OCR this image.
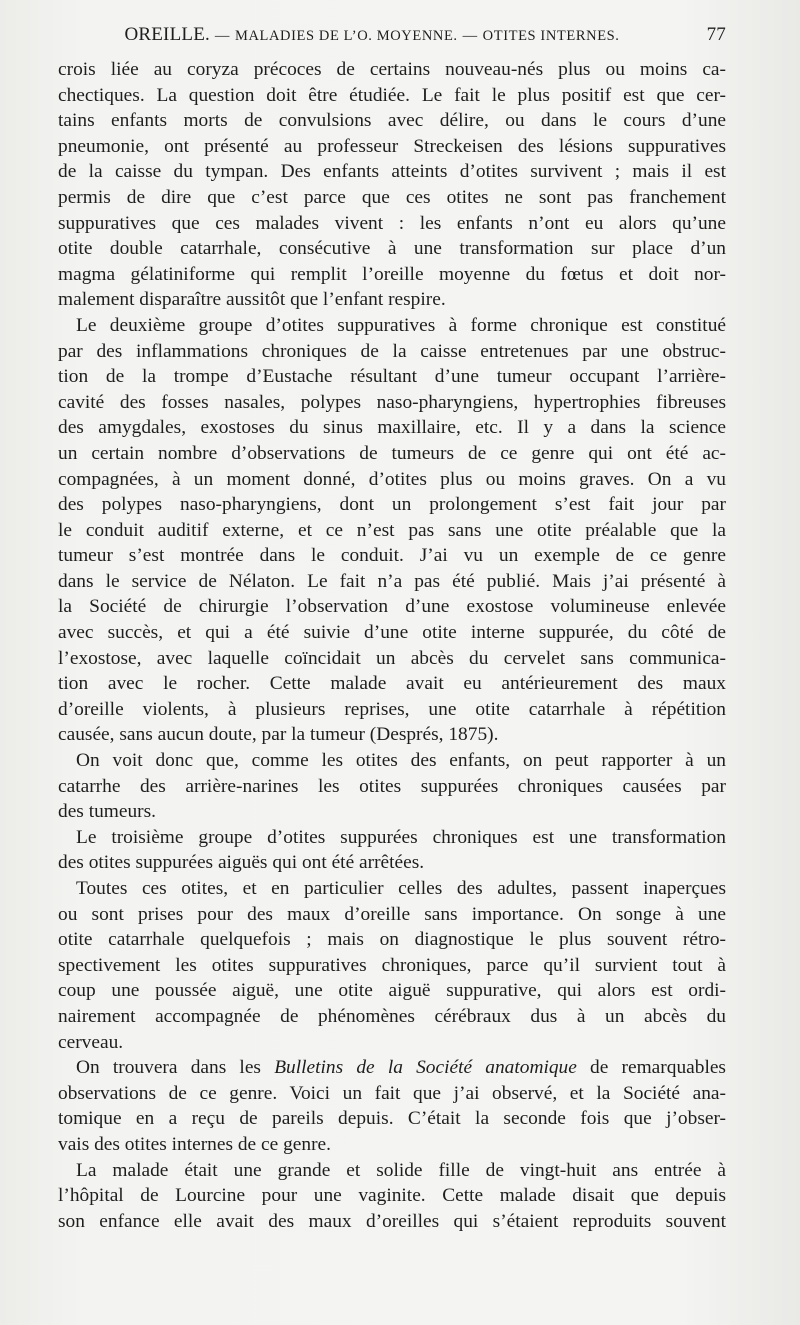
OREILLE. — MALADIES DE L’O. MOYENNE. — OTITES INTERNES.	77
crois liée au coryza précoces de certains nouveau-nés plus ou moins ca-
chectiques. La question doit être étudiée. Le fait le plus positif est que cer-
tains enfants morts de convulsions avec délire, ou dans le cours d’une
pneumonie, ont présenté au professeur Streckeisen des lésions suppuratives
de la caisse du tympan. Des enfants atteints d’otites survivent ; mais il est
permis de dire que c’est parce que ces otites ne sont pas franchement
suppuratives que ces malades vivent : les enfants n’ont eu alors qu’une
otite double catarrhale, consécutive à une transformation sur place d’un
magma gélatiniforme qui remplit l’oreille moyenne du fœtus et doit nor-
malement disparaître aussitôt que l’enfant respire.
Le deuxième groupe d’otites suppuratives à forme chronique est constitué
par des inflammations chroniques de la caisse entretenues par une obstruc-
tion de la trompe d’Eustache résultant d’une tumeur occupant l’arrière-
cavité des fosses nasales, polypes naso-pharyngiens, hypertrophies fibreuses
des amygdales, exostoses du sinus maxillaire, etc. Il y a dans la science
un certain nombre d’observations de tumeurs de ce genre qui ont été ac-
compagnées, à un moment donné, d’otites plus ou moins graves. On a vu
des polypes naso-pharyngiens, dont un prolongement s’est fait jour par
le conduit auditif externe, et ce n’est pas sans une otite préalable que la
tumeur s’est montrée dans le conduit. J’ai vu un exemple de ce genre
dans le service de Nélaton. Le fait n’a pas été publié. Mais j’ai présenté à
la Société de chirurgie l’observation d’une exostose volumineuse enlevée
avec succès, et qui a été suivie d’une otite interne suppurée, du côté de
l’exostose, avec laquelle coïncidait un abcès du cervelet sans communica-
tion avec le rocher. Cette malade avait eu antérieurement des maux
d’oreille violents, à plusieurs reprises, une otite catarrhale à répétition
causée, sans aucun doute, par la tumeur (Després, 1875).
On voit donc que, comme les otites des enfants, on peut rapporter à un
catarrhe des arrière-narines les otites suppurées chroniques causées par
des tumeurs.
Le troisième groupe d’otites suppurées chroniques est une transformation
des otites suppurées aiguës qui ont été arrêtées.
Toutes ces otites, et en particulier celles des adultes, passent inaperçues
ou sont prises pour des maux d’oreille sans importance. On songe à une
otite catarrhale quelquefois ; mais on diagnostique le plus souvent rétro-
spectivement les otites suppuratives chroniques, parce qu’il survient tout à
coup une poussée aiguë, une otite aiguë suppurative, qui alors est ordi-
nairement accompagnée de phénomènes cérébraux dus à un abcès du
cerveau.
On trouvera dans les Bulletins de la Société anatomique de remarquables
observations de ce genre. Voici un fait que j’ai observé, et la Société ana-
tomique en a reçu de pareils depuis. C’était la seconde fois que j’obser-
vais des otites internes de ce genre.
La malade était une grande et solide fille de vingt-huit ans entrée à
l’hôpital de Lourcine pour une vaginite. Cette malade disait que depuis
son enfance elle avait des maux d’oreilles qui s’étaient reproduits souvent
